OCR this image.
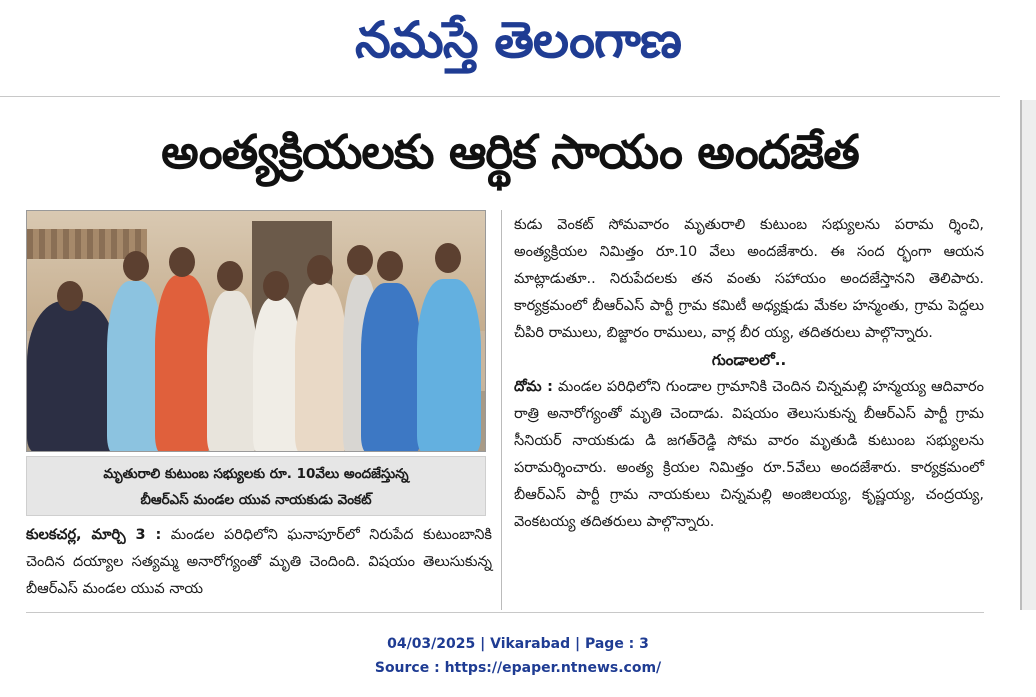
నమస్తే తెలంగాణ
అంత్యక్రియలకు ఆర్థిక సాయం అందజేత
మృతురాలి కుటుంబ సభ్యులకు రూ. 10వేలు అందజేస్తున్న
బీఆర్ఎస్ మండల యువ నాయకుడు వెంకట్
కులకచర్ల, మార్చి 3 : మండల పరిధిలోని ఘనాపూర్‌లో నిరుపేద కుటుంబానికి చెందిన దయ్యాల సత్యమ్మ అనారోగ్యంతో మృతి చెందింది. విషయం తెలుసుకున్న బీఆర్ఎస్ మండల యువ నాయ

కుడు వెంకట్ సోమవారం మృతురాలి కుటుంబ సభ్యులను పరామ ర్శించి, అంత్యక్రియల నిమిత్తం రూ.10 వేలు అందజేశారు. ఈ సంద ర్భంగా ఆయన మాట్లాడుతూ.. నిరుపేదలకు తన వంతు సహాయం అందజేస్తానని తెలిపారు. కార్యక్రమంలో బీఆర్ఎస్ పార్టీ గ్రామ కమిటీ అధ్యక్షుడు మేకల హన్మంతు, గ్రామ పెద్దలు చీపిరి రాములు, బిజ్జారం రాములు, వార్ల బీర య్య, తదితరులు పాల్గొన్నారు.

గుండాలలో..

దోమ : మండల పరిధిలోని గుండాల గ్రామానికి చెందిన చిన్నమల్లి హన్మయ్య ఆదివారం రాత్రి అనారోగ్యంతో మృతి చెందాడు. విషయం తెలుసుకున్న బీఆర్ఎస్ పార్టీ గ్రామ సీనియర్ నాయకుడు డి జగత్‌రెడ్డి సోమ వారం మృతుడి కుటుంబ సభ్యులను పరామర్శించారు. అంత్య క్రియల నిమిత్తం రూ.5వేలు అందజేశారు. కార్యక్రమంలో బీఆర్ఎస్ పార్టీ గ్రామ నాయకులు చిన్నమల్లి అంజిలయ్య, కృష్ణయ్య, చంద్రయ్య, వెంకటయ్య తదితరులు పాల్గొన్నారు.

04/03/2025 | Vikarabad | Page : 3
Source : https://epaper.ntnews.com/
